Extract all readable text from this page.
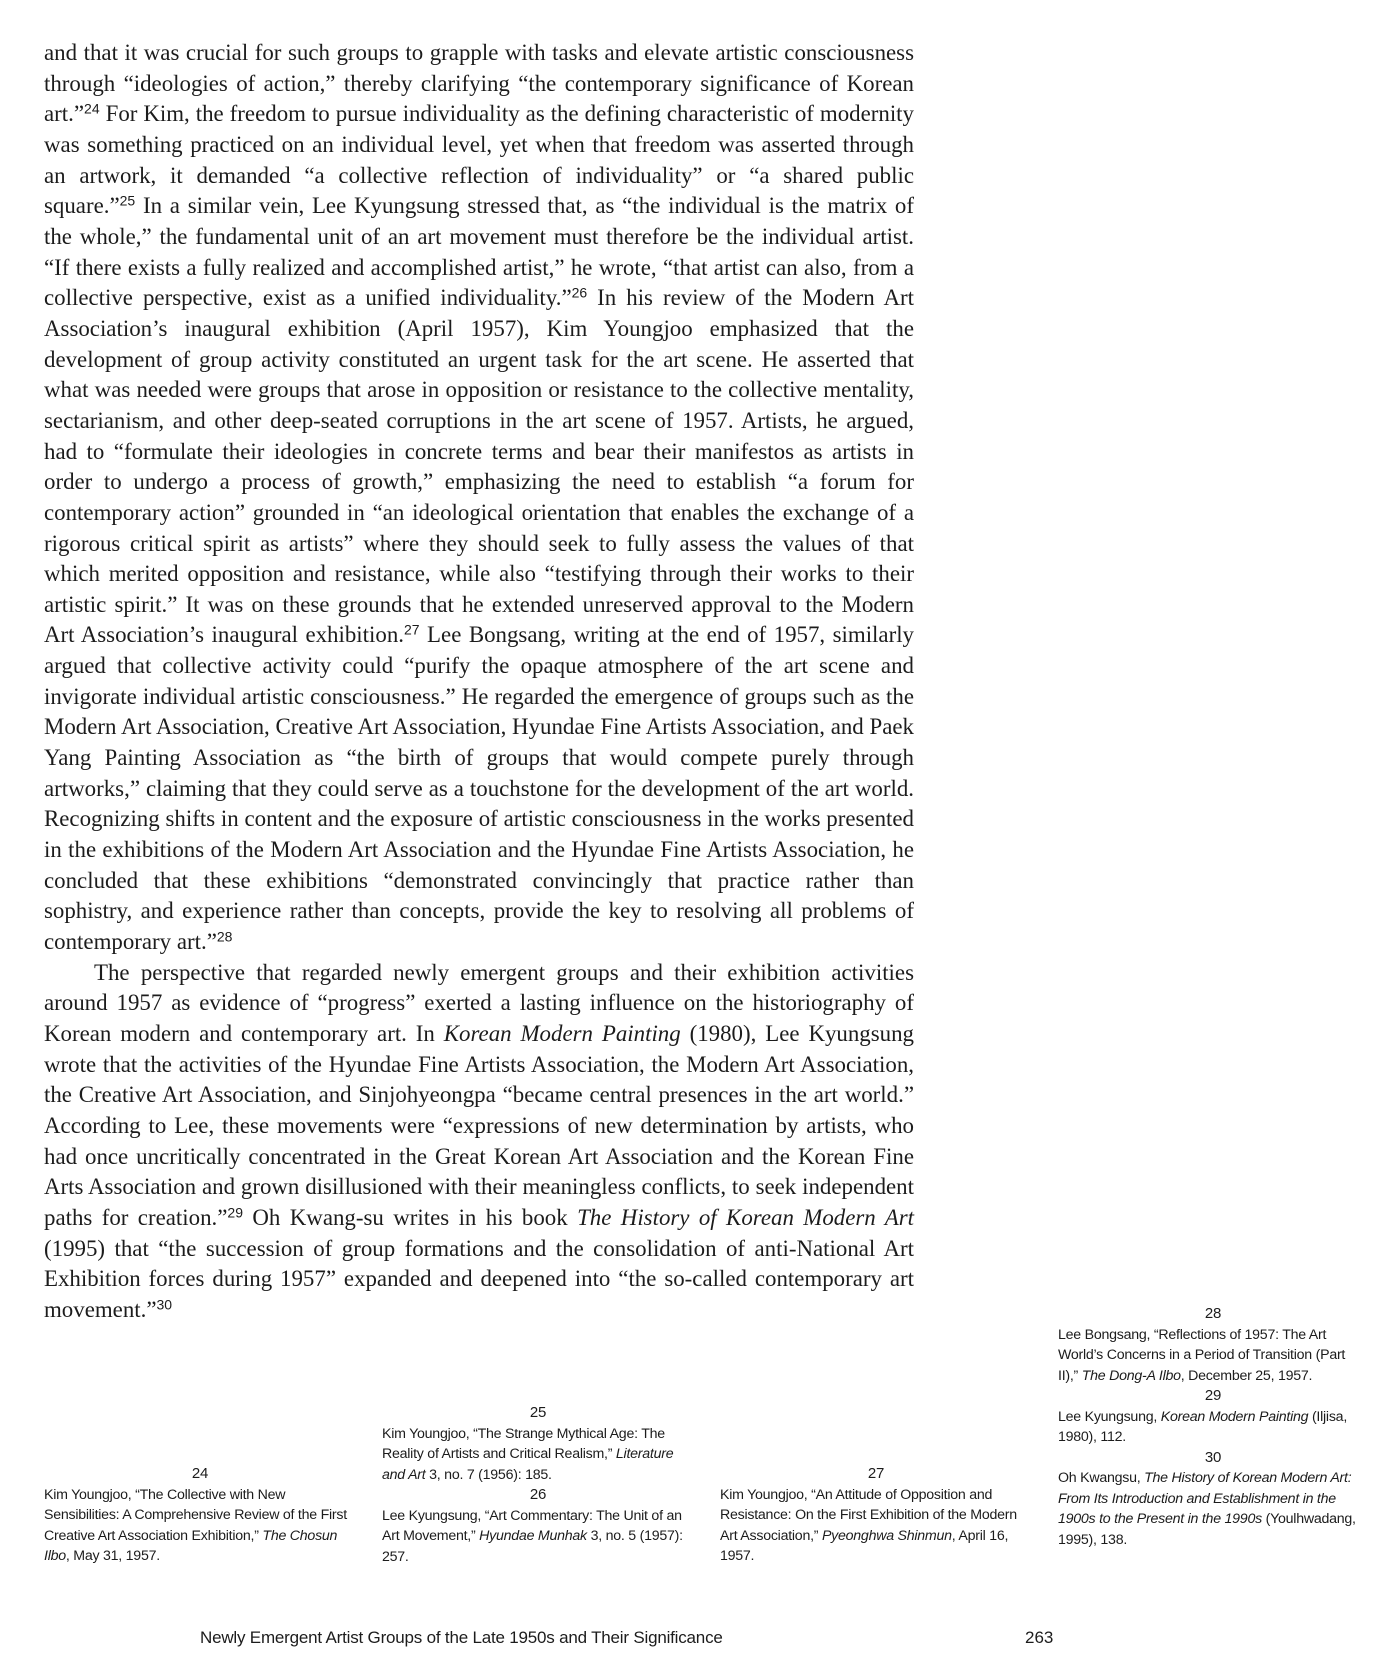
and that it was crucial for such groups to grapple with tasks and elevate artistic consciousness through “ideologies of action,” thereby clarifying “the contemporary significance of Korean art.”$^{24}$ For Kim, the freedom to pursue individuality as the defining characteristic of modernity was something practiced on an individual level, yet when that freedom was asserted through an artwork, it demanded “a collective reflection of individuality” or “a shared public square.”$^{25}$ In a similar vein, Lee Kyungsung stressed that, as “the individual is the matrix of the whole,” the fundamental unit of an art movement must therefore be the individual artist. “If there exists a fully realized and accomplished artist,” he wrote, “that artist can also, from a collective perspective, exist as a unified individuality.”$^{26}$ In his review of the Modern Art Association’s inaugural exhibition (April 1957), Kim Youngjoo emphasized that the development of group activity constituted an urgent task for the art scene. He asserted that what was needed were groups that arose in opposition or resistance to the collective mentality, sectarianism, and other deep-seated corruptions in the art scene of 1957. Artists, he argued, had to “formulate their ideologies in concrete terms and bear their manifestos as artists in order to undergo a process of growth,” emphasizing the need to establish “a forum for contemporary action” grounded in “an ideological orientation that enables the exchange of a rigorous critical spirit as artists” where they should seek to fully assess the values of that which merited opposition and resistance, while also “testifying through their works to their artistic spirit.” It was on these grounds that he extended unreserved approval to the Modern Art Association’s inaugural exhibition.$^{27}$ Lee Bongsang, writing at the end of 1957, similarly argued that collective activity could “purify the opaque atmosphere of the art scene and invigorate individual artistic consciousness.” He regarded the emergence of groups such as the Modern Art Association, Creative Art Association, Hyundae Fine Artists Association, and Paek Yang Painting Association as “the birth of groups that would compete purely through artworks,” claiming that they could serve as a touchstone for the development of the art world. Recognizing shifts in content and the exposure of artistic consciousness in the works presented in the exhibitions of the Modern Art Association and the Hyundae Fine Artists Association, he concluded that these exhibitions “demonstrated convincingly that practice rather than sophistry, and experience rather than concepts, provide the key to resolving all problems of contemporary art.”$^{28}$

The perspective that regarded newly emergent groups and their exhibition activities around 1957 as evidence of “progress” exerted a lasting influence on the historiography of Korean modern and contemporary art. In Korean Modern Painting (1980), Lee Kyungsung wrote that the activities of the Hyundae Fine Artists Association, the Modern Art Association, the Creative Art Association, and Sinjohyeongpa “became central presences in the art world.” According to Lee, these movements were “expressions of new determination by artists, who had once uncritically concentrated in the Great Korean Art Association and the Korean Fine Arts Association and grown disillusioned with their meaningless conflicts, to seek independent paths for creation.”$^{29}$ Oh Kwang-su writes in his book The History of Korean Modern Art (1995) that “the succession of group formations and the consolidation of anti-National Art Exhibition forces during 1957” expanded and deepened into “the so-called contemporary art movement.”$^{30}$

24
Kim Youngjoo, “The Collective with New Sensibilities: A Comprehensive Review of the First Creative Art Association Exhibition,” The Chosun Ilbo, May 31, 1957.
25
Kim Youngjoo, “The Strange Mythical Age: The Reality of Artists and Critical Realism,” Literature and Art 3, no. 7 (1956): 185.
26
Lee Kyungsung, “Art Commentary: The Unit of an Art Movement,” Hyundae Munhak 3, no. 5 (1957): 257.
27
Kim Youngjoo, “An Attitude of Opposition and Resistance: On the First Exhibition of the Modern Art Association,” Pyeonghwa Shinmun, April 16, 1957.
28
Lee Bongsang, “Reflections of 1957: The Art World’s Concerns in a Period of Transition (Part II),” The Dong-A Ilbo, December 25, 1957.
29
Lee Kyungsung, Korean Modern Painting (Iljisa, 1980), 112.
30
Oh Kwangsu, The History of Korean Modern Art: From Its Introduction and Establishment in the 1900s to the Present in the 1990s (Youlhwadang, 1995), 138.
Newly Emergent Artist Groups of the Late 1950s and Their Significance	263
